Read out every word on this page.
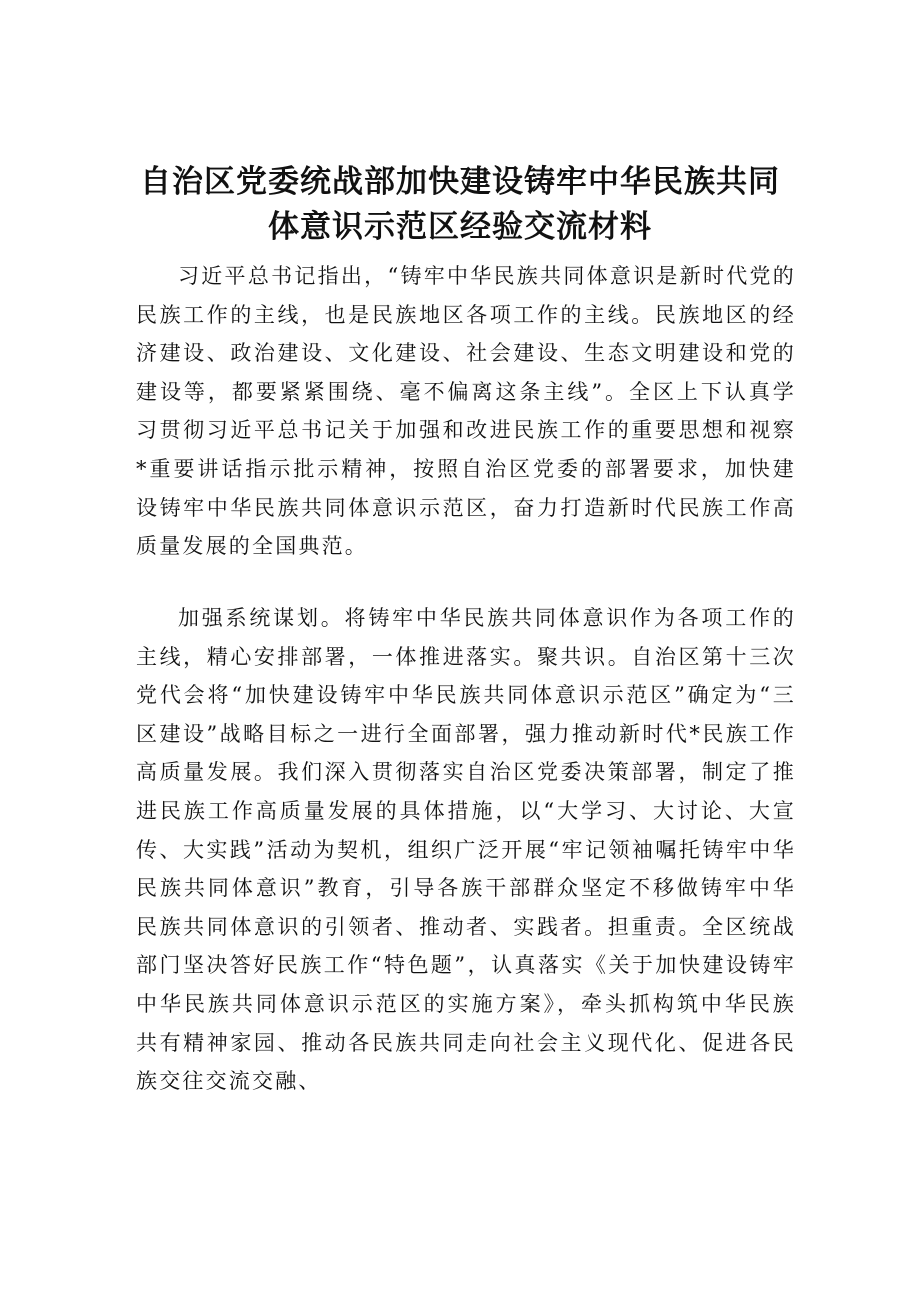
自治区党委统战部加快建设铸牢中华民族共同
体意识示范区经验交流材料

习近平总书记指出，“铸牢中华民族共同体意识是新时代党的民族工作的主线，也是民族地区各项工作的主线。民族地区的经济建设、政治建设、文化建设、社会建设、生态文明建设和党的建设等，都要紧紧围绕、毫不偏离这条主线”。全区上下认真学习贯彻习近平总书记关于加强和改进民族工作的重要思想和视察*重要讲话指示批示精神，按照自治区党委的部署要求，加快建设铸牢中华民族共同体意识示范区，奋力打造新时代民族工作高质量发展的全国典范。

加强系统谋划。将铸牢中华民族共同体意识作为各项工作的主线，精心安排部署，一体推进落实。聚共识。自治区第十三次党代会将“加快建设铸牢中华民族共同体意识示范区”确定为“三区建设”战略目标之一进行全面部署，强力推动新时代*民族工作高质量发展。我们深入贯彻落实自治区党委决策部署，制定了推进民族工作高质量发展的具体措施，以“大学习、大讨论、大宣传、大实践”活动为契机，组织广泛开展“牢记领袖嘱托铸牢中华民族共同体意识”教育，引导各族干部群众坚定不移做铸牢中华民族共同体意识的引领者、推动者、实践者。担重责。全区统战部门坚决答好民族工作“特色题”，认真落实《关于加快建设铸牢中华民族共同体意识示范区的实施方案》，牵头抓构筑中华民族共有精神家园、推动各民族共同走向社会主义现代化、促进各民族交往交流交融、
